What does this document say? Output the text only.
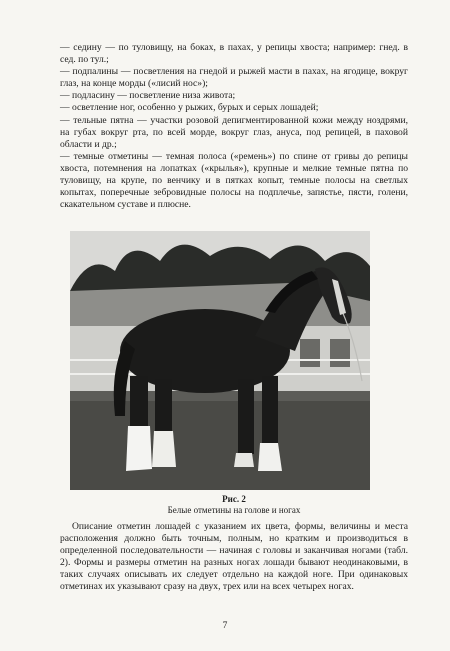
— седину — по туловищу, на боках, в пахах, у репицы хвоста; например: гнед. в сед. по тул.;

— подпалины — посветления на гнедой и рыжей масти в пахах, на ягодице, вокруг глаз, на конце морды («лисий нос»);

— подласину — посветление низа живота;

— осветление ног, особенно у рыжих, бурых и серых лошадей;

— тельные пятна — участки розовой депигментированной кожи между ноздрями, на губах вокруг рта, по всей морде, вокруг глаз, ануса, под репицей, в паховой области и др.;

— темные отметины — темная полоса («ремень») по спине от гривы до репицы хвоста, потемнения на лопатках («крылья»), крупные и мелкие темные пятна по туловищу, на крупе, по венчику и в пятках копыт, темные полосы на светлых копытах, поперечные зебровидные полосы на подплечье, запястье, пясти, голени, скакательном суставе и плюсне.

Рис. 2
Белые отметины на голове и ногах

Описание отметин лошадей с указанием их цвета, формы, величины и места расположения должно быть точным, полным, но кратким и производиться в определенной последовательности — начиная с головы и заканчивая ногами (табл. 2). Формы и размеры отметин на разных ногах лошади бывают неодинаковыми, в таких случаях описывать их следует отдельно на каждой ноге. При одинаковых отметинах их указывают сразу на двух, трех или на всех четырех ногах.

7
